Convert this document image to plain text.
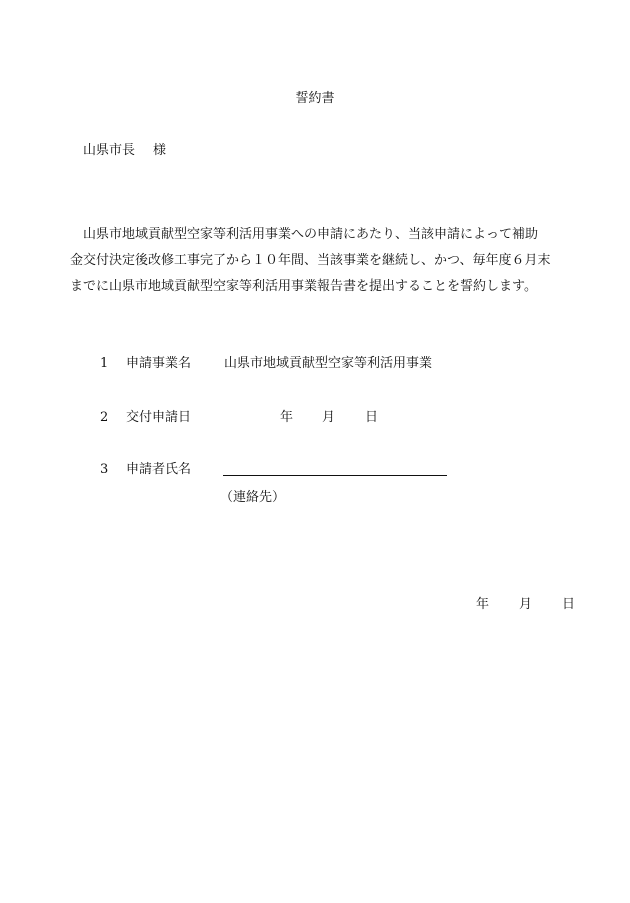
誓約書
山県市長 様
　山県市地域貢献型空家等利活用事業への申請にあたり、当該申請によって補助
金交付決定後改修工事完了から１０年間、当該事業を継続し、かつ、毎年度６月末
までに山県市地域貢献型空家等利活用事業報告書を提出することを誓約します。
1 申請事業名	山県市地域貢献型空家等利活用事業
2 交付申請日	年 月 日
3 申請者氏名
（連絡先）
年 月 日
